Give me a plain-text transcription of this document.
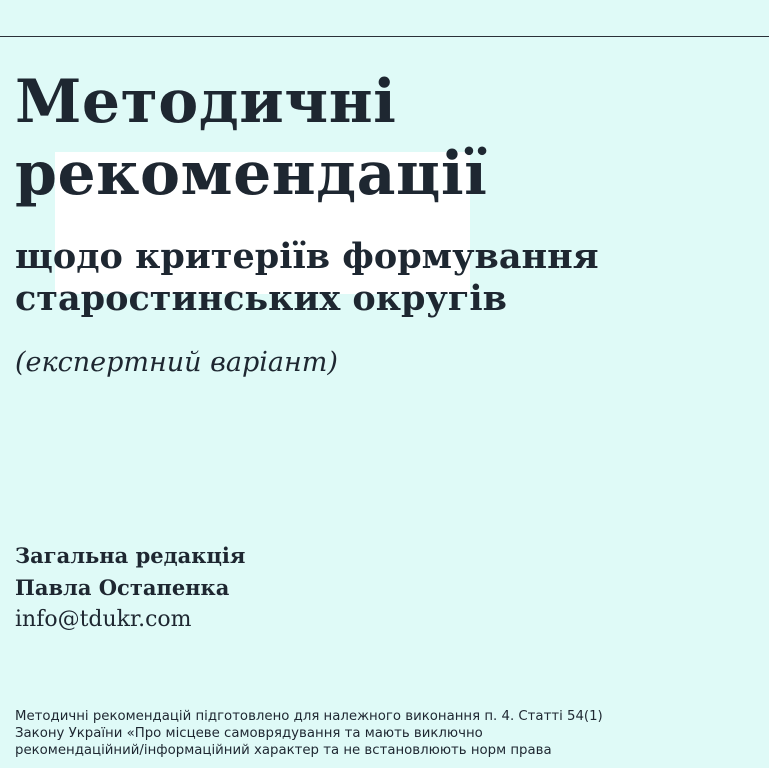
Методичні
рекомендації
щодо критеріїв формування
старостинських округів

(експертний варіант)

Загальна редакція
Павла Остапенка
info@tdukr.com
Методичні рекомендацій підготовлено для належного виконання п. 4. Статті 54(1)
Закону України «Про місцеве самоврядування та мають виключно
рекомендаційний/інформаційний характер та не встановлюють норм права
